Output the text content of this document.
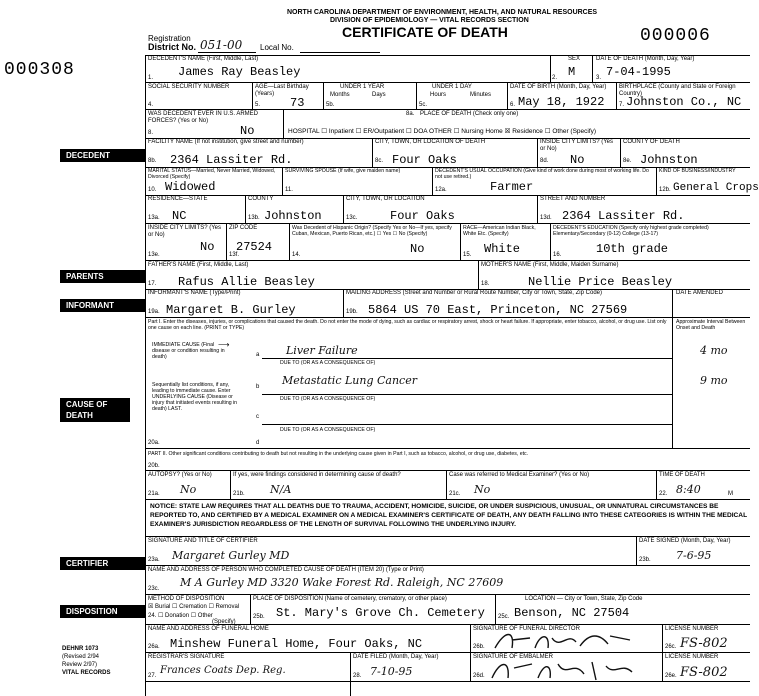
NORTH CAROLINA DEPARTMENT OF ENVIRONMENT, HEALTH, AND NATURAL RESOURCES
DIVISION OF EPIDEMIOLOGY — VITAL RECORDS SECTION
CERTIFICATE OF DEATH
Registration
District No. 051-00 Local No.
000308
000006
DECEDENT
PARENTS
INFORMANT
CAUSE OF DEATH
CERTIFIER
DISPOSITION
DECEDENT'S NAME (First, Middle, Last)
1. James Ray Beasley
SEX
2. M
DATE OF DEATH (Month, Day, Year)
3. 7-04-1995
SOCIAL SECURITY NUMBER
4.
AGE—Last Birthday (Years)
5. 73
UNDER 1 YEAR
Months	Days
5b.
UNDER 1 DAY
Hours	Minutes
5c.
DATE OF BIRTH (Month, Day, Year)
6. May 18, 1922
BIRTHPLACE (County and State or Foreign Country)
7. Johnston Co., NC
WAS DECEDENT EVER IN U.S. ARMED FORCES? (Yes or No)
8.	No
PLACE OF DEATH (Check only one)
8a.
HOSPITAL ☐ Inpatient ☐ ER/Outpatient ☐ DOA OTHER ☐ Nursing Home ☒ Residence ☐ Other (Specify)
FACILITY NAME (If not institution, give street and number)
8b. 2364 Lassiter Rd.
CITY, TOWN, OR LOCATION OF DEATH
8c. Four Oaks
INSIDE CITY LIMITS? (Yes or No)
8d. No
COUNTY OF DEATH
8e. Johnston
MARITAL STATUS—Married, Never Married, Widowed, Divorced (Specify)
10. Widowed
SURVIVING SPOUSE (If wife, give maiden name)
11.
DECEDENT'S USUAL OCCUPATION (Give kind of work done during most of working life. Do not use retired.)
12a.	Farmer
KIND OF BUSINESS/INDUSTRY
12b. General Crops
RESIDENCE—STATE
13a. NC
COUNTY
13b. Johnston
CITY, TOWN, OR LOCATION
13c.	Four Oaks
STREET AND NUMBER
13d. 2364 Lassiter Rd.
INSIDE CITY LIMITS? (Yes or No)
13e.
No
ZIP CODE
13f.
27524
Was Decedent of Hispanic Origin? (Specify Yes or No—If yes, specify Cuban, Mexican, Puerto Rican, etc.) ☐ Yes ☐ No (Specify)
14.	No
RACE—American Indian Black, White Etc. (Specify)
15. White
DECEDENT'S EDUCATION (Specify only highest grade completed) Elementary/Secondary (0-12) College (13-17)
16.	10th grade
FATHER'S NAME (First, Middle, Last)
17. Rafus Allie Beasley
MOTHER'S NAME (First, Middle, Maiden Surname)
18.	Nellie Price Beasley
INFORMANT'S NAME (Type/Print)
19a. Margaret B. Gurley
MAILING ADDRESS (Street and Number or Rural Route Number, City or Town, State, Zip Code)
19b. 5864 US 70 East, Princeton, NC 27569
DATE AMENDED
Part I. Enter the diseases, injuries, or complications that caused the death. Do not enter the mode of dying, such as cardiac or respiratory arrest, shock or heart failure. If appropriate, enter tobacco, alcohol, or drug use. List only one cause on each line. (PRINT or TYPE)
Approximate Interval Between Onset and Death
IMMEDIATE CAUSE (Final disease or condition resulting in death)
⟶
a Liver Failure	4 mo
DUE TO (OR AS A CONSEQUENCE OF)
Sequentially list conditions, if any, leading to immediate cause. Enter UNDERLYING CAUSE (Disease or injury that initiated events resulting in death) LAST.
b Metastatic Lung Cancer	9 mo
DUE TO (OR AS A CONSEQUENCE OF)
c
DUE TO (OR AS A CONSEQUENCE OF)
20a.	d
PART II. Other significant conditions contributing to death but not resulting in the underlying cause given in Part I, such as tobacco, alcohol, or drug use, diabetes, etc.
20b.
AUTOPSY? (Yes or No)
21a. No
If yes, were findings considered in determining cause of death?
21b. N/A
Case was referred to Medical Examiner? (Yes or No)
21c. No
TIME OF DEATH
22. 8:40	M
NOTICE: STATE LAW REQUIRES THAT ALL DEATHS DUE TO TRAUMA, ACCIDENT, HOMICIDE, SUICIDE, OR UNDER SUSPICIOUS, UNUSUAL, OR UNNATURAL CIRCUMSTANCES BE REPORTED TO, AND CERTIFIED BY A MEDICAL EXAMINER ON A MEDICAL EXAMINER'S CERTIFICATE OF DEATH, ANY DEATH FALLING INTO THESE CATEGORIES IS WITHIN THE MEDICAL EXAMINER'S JURISDICTION REGARDLESS OF THE LENGTH OF SURVIVAL FOLLOWING THE UNDERLYING INJURY.
SIGNATURE AND TITLE OF CERTIFIER
23a. Margaret Gurley MD
DATE SIGNED (Month, Day, Year)
23b. 7-6-95
NAME AND ADDRESS OF PERSON WHO COMPLETED CAUSE OF DEATH (ITEM 20) (Type or Print)
23c. M A Gurley MD 3320 Wake Forest Rd. Raleigh, NC 27609
METHOD OF DISPOSITION
☒ Burial ☐ Cremation ☐ Removal
24. ☐ Donation ☐ Other
(Specify)
PLACE OF DISPOSITION (Name of cemetery, crematory, or other place)
25b. St. Mary's Grove Ch. Cemetery
LOCATION — City or Town, State, Zip Code
25c. Benson, NC 27504
NAME AND ADDRESS OF FUNERAL HOME
26a. Minshew Funeral Home, Four Oaks, NC
SIGNATURE OF FUNERAL DIRECTOR
26b.
LICENSE NUMBER
26c. FS-802
REGISTRAR'S SIGNATURE
27. Frances Coats Dep. Reg.
DATE FILED (Month, Day, Year)
28. 7-10-95
SIGNATURE OF EMBALMER
26d.
LICENSE NUMBER
26e. FS-802
DEHNR 1073
(Revised 2/94
Review 2/97)
VITAL RECORDS
